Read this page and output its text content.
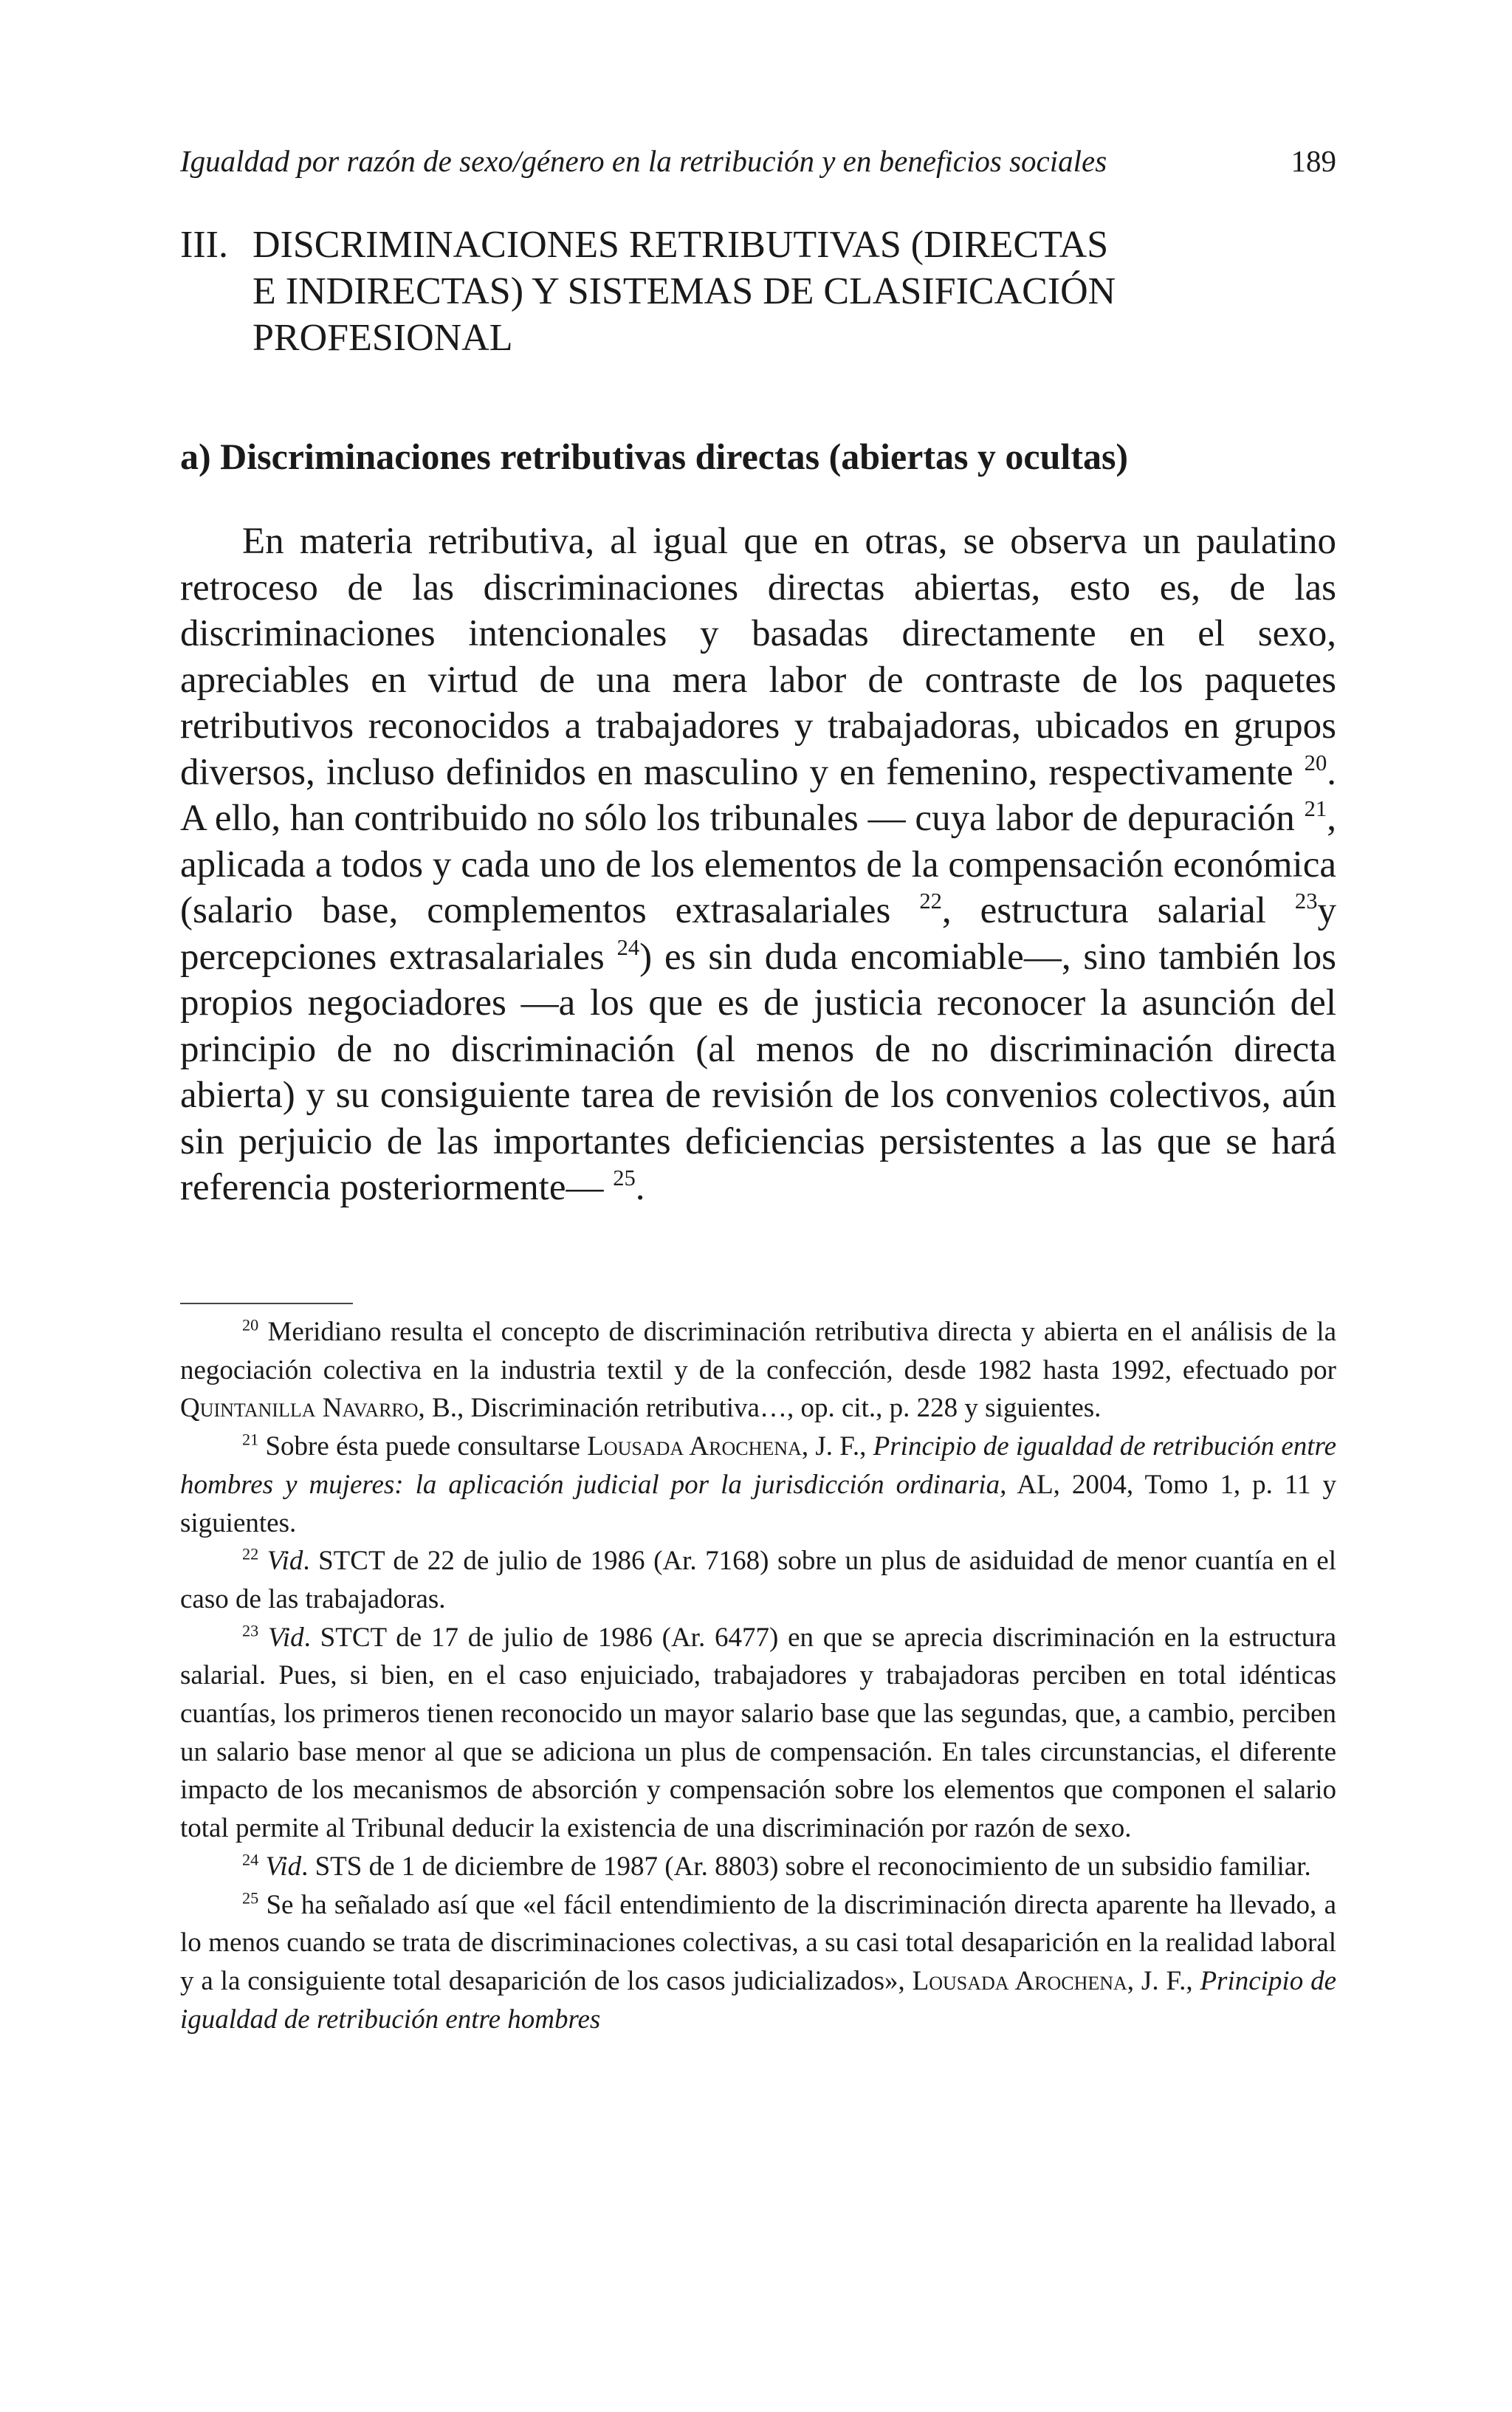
Igualdad por razón de sexo/género en la retribución y en beneficios sociales	189
III. DISCRIMINACIONES RETRIBUTIVAS (DIRECTAS
E INDIRECTAS) Y SISTEMAS DE CLASIFICACIÓN
PROFESIONAL
a) Discriminaciones retributivas directas (abiertas y ocultas)

En materia retributiva, al igual que en otras, se observa un paulatino retroceso de las discriminaciones directas abiertas, esto es, de las discriminaciones intencionales y basadas directamente en el sexo, apreciables en virtud de una mera labor de contraste de los paquetes retributivos reconocidos a trabajadores y trabajadoras, ubicados en grupos diversos, incluso definidos en masculino y en femenino, respectivamente $^{20}$. A ello, han contribuido no sólo los tribunales — cuya labor de depuración $^{21}$, aplicada a todos y cada uno de los elementos de la compensación económica (salario base, complementos extrasalariales $^{22}$, estructura salarial $^{23}$y percepciones extrasalariales $^{24}$) es sin duda encomiable—, sino también los propios negociadores —a los que es de justicia reconocer la asunción del principio de no discriminación (al menos de no discriminación directa abierta) y su consiguiente tarea de revisión de los convenios colectivos, aún sin perjuicio de las importantes deficiencias persistentes a las que se hará referencia posteriormente— $^{25}$.

$^{20}$ Meridiano resulta el concepto de discriminación retributiva directa y abierta en el análisis de la negociación colectiva en la industria textil y de la confección, desde 1982 hasta 1992, efectuado por Quintanilla Navarro, B., Discriminación retributiva…, op. cit., p. 228 y siguientes.

$^{21}$ Sobre ésta puede consultarse Lousada Arochena, J. F., Principio de igualdad de retribución entre hombres y mujeres: la aplicación judicial por la jurisdicción ordinaria, AL, 2004, Tomo 1, p. 11 y siguientes.

$^{22}$ Vid. STCT de 22 de julio de 1986 (Ar. 7168) sobre un plus de asiduidad de menor cuantía en el caso de las trabajadoras.

$^{23}$ Vid. STCT de 17 de julio de 1986 (Ar. 6477) en que se aprecia discriminación en la estructura salarial. Pues, si bien, en el caso enjuiciado, trabajadores y trabajadoras perciben en total idénticas cuantías, los primeros tienen reconocido un mayor salario base que las segundas, que, a cambio, perciben un salario base menor al que se adiciona un plus de compensación. En tales circunstancias, el diferente impacto de los mecanismos de absorción y compensación sobre los elementos que componen el salario total permite al Tribunal deducir la existencia de una discriminación por razón de sexo.

$^{24}$ Vid. STS de 1 de diciembre de 1987 (Ar. 8803) sobre el reconocimiento de un subsidio familiar.

$^{25}$ Se ha señalado así que «el fácil entendimiento de la discriminación directa aparente ha llevado, a lo menos cuando se trata de discriminaciones colectivas, a su casi total desaparición en la realidad laboral y a la consiguiente total desaparición de los casos judicializados», Lousada Arochena, J. F., Principio de igualdad de retribución entre hombres
